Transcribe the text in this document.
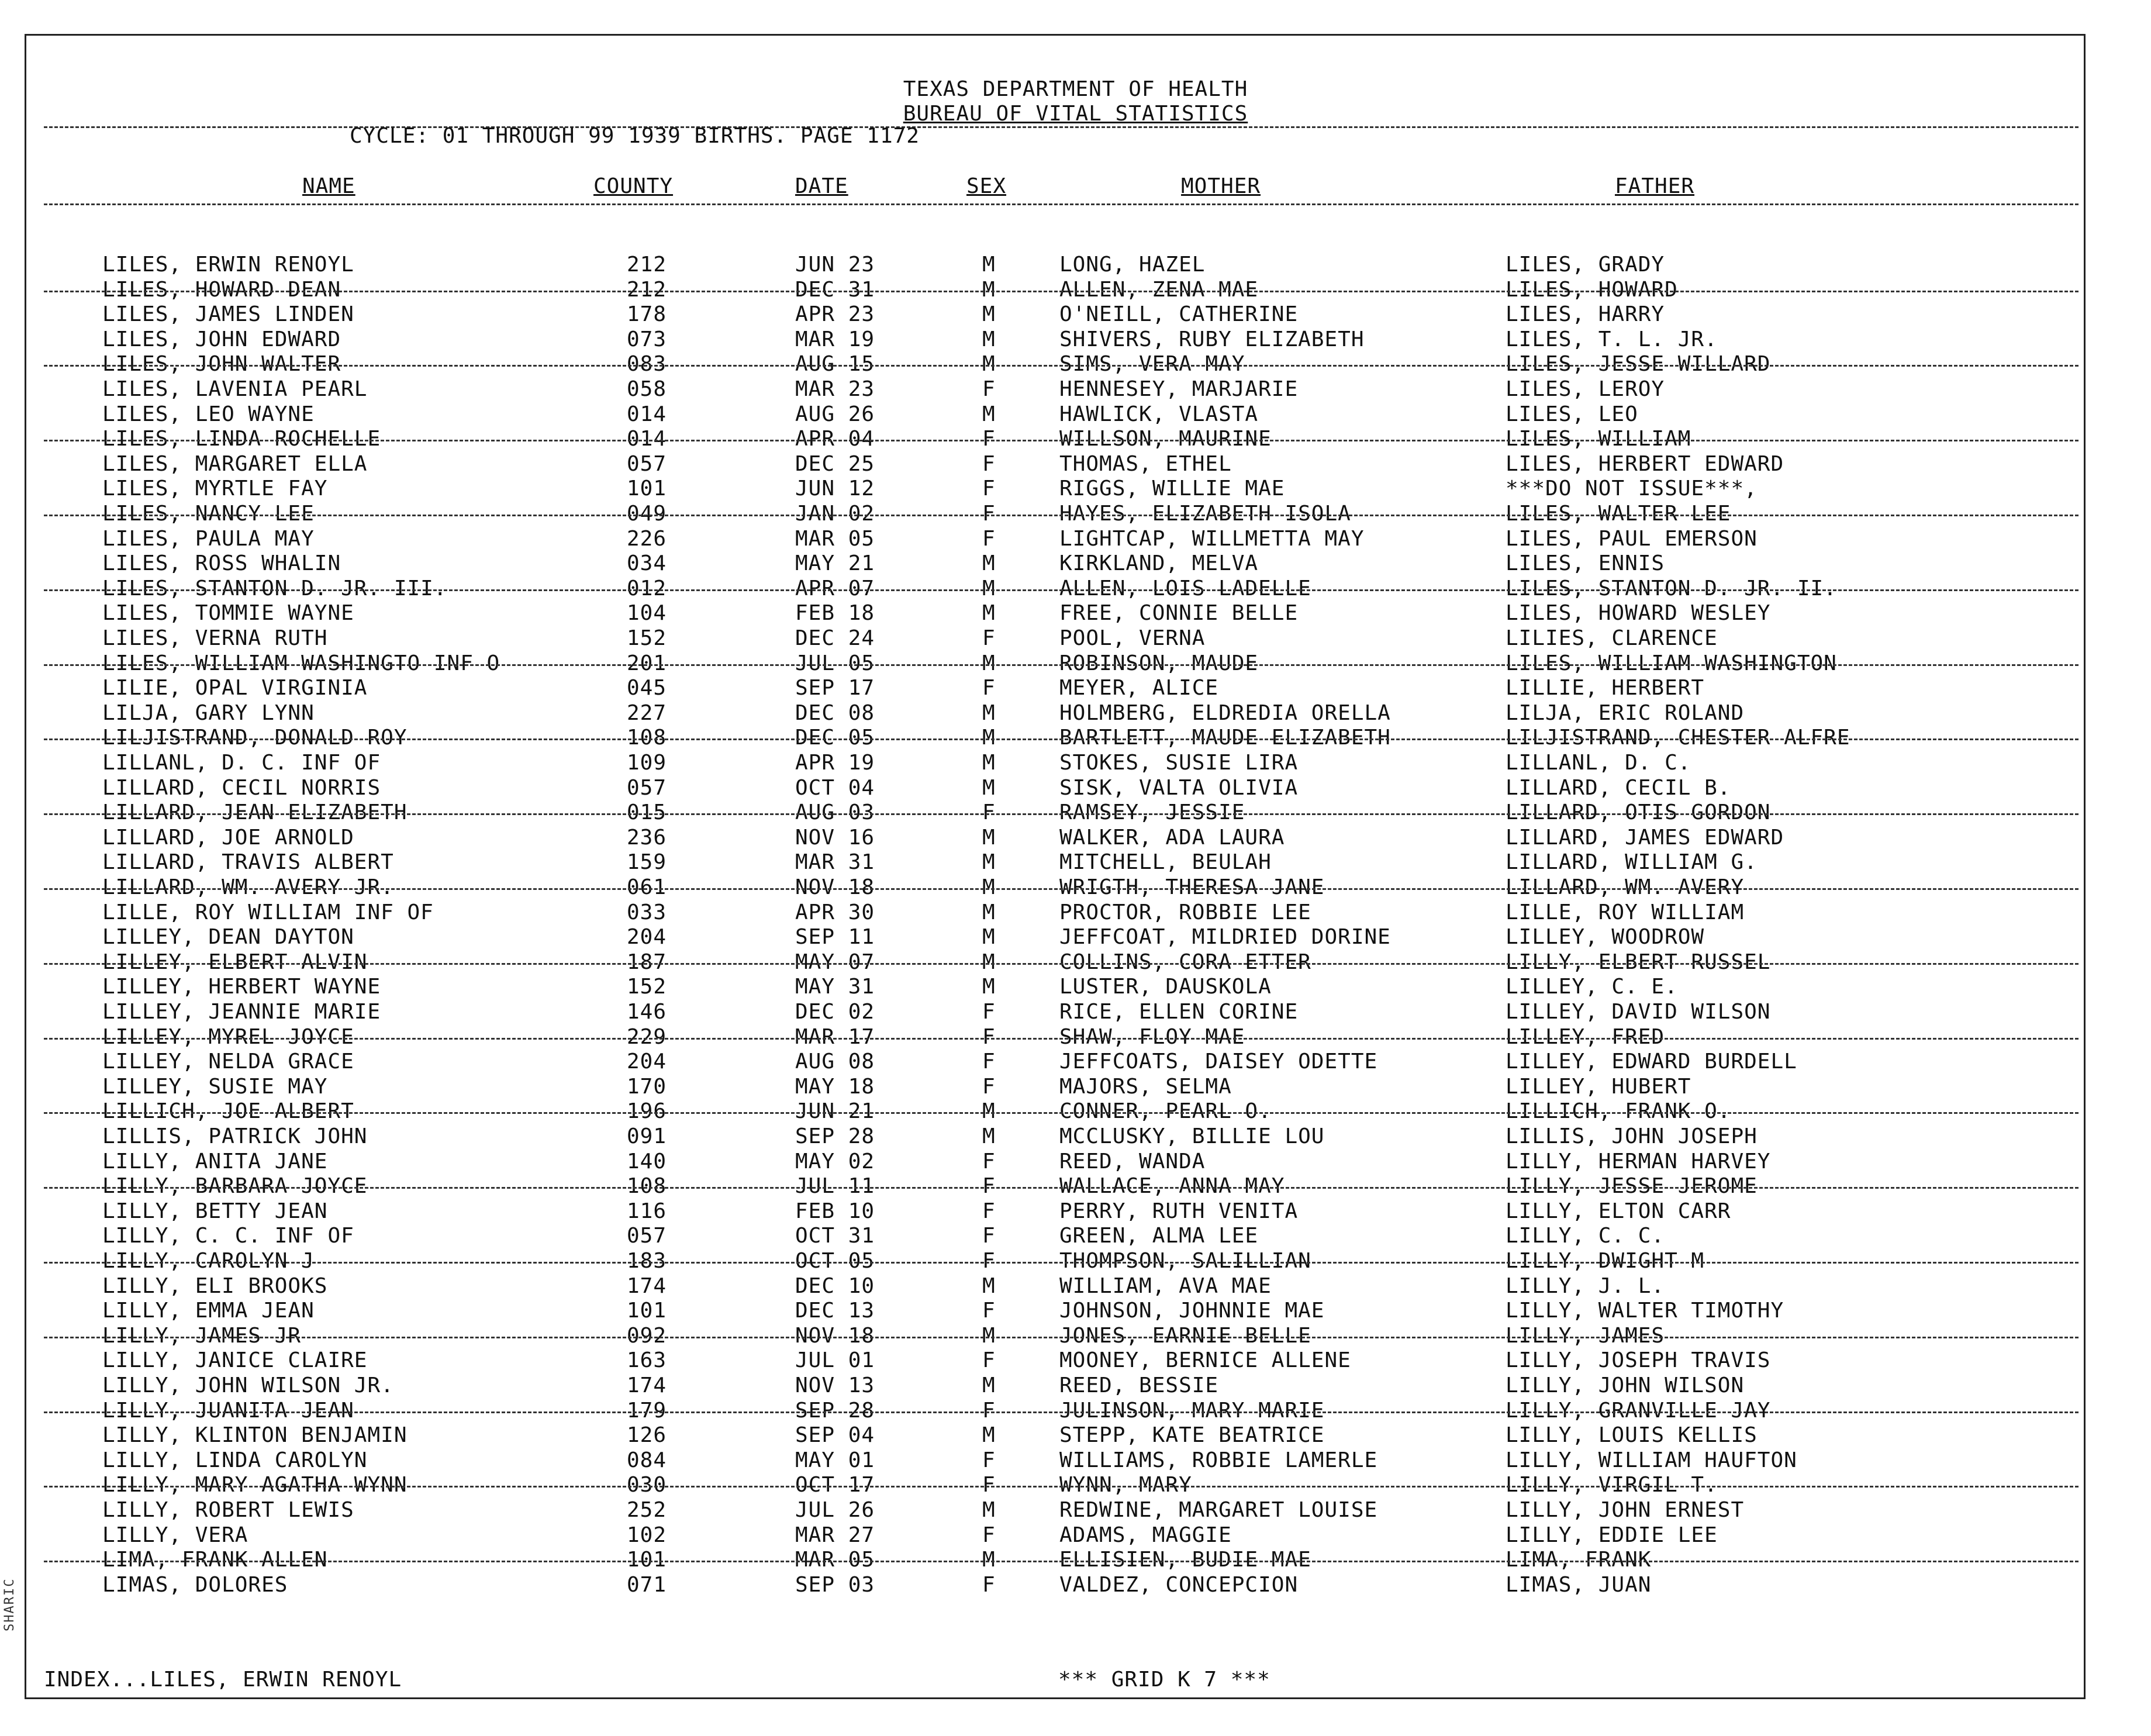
SHARIC
TEXAS DEPARTMENT OF HEALTH
BUREAU OF VITAL STATISTICS
CYCLE: 01 THROUGH 99 1939 BIRTHS. PAGE 1172
NAME	COUNTY	DATE	SEX	MOTHER	FATHER
LILES, ERWIN RENOYL	212	JUN 23	M	LONG, HAZEL	LILES, GRADY
LILES, HOWARD DEAN	212	DEC 31	M	ALLEN, ZENA MAE	LILES, HOWARD
LILES, JAMES LINDEN	178	APR 23	M	O'NEILL, CATHERINE	LILES, HARRY
LILES, JOHN EDWARD	073	MAR 19	M	SHIVERS, RUBY ELIZABETH	LILES, T. L. JR.
LILES, JOHN WALTER	083	AUG 15	M	SIMS, VERA MAY	LILES, JESSE WILLARD
LILES, LAVENIA PEARL	058	MAR 23	F	HENNESEY, MARJARIE	LILES, LEROY
LILES, LEO WAYNE	014	AUG 26	M	HAWLICK, VLASTA	LILES, LEO
LILES, LINDA ROCHELLE	014	APR 04	F	WILLSON, MAURINE	LILES, WILLIAM
LILES, MARGARET ELLA	057	DEC 25	F	THOMAS, ETHEL	LILES, HERBERT EDWARD
LILES, MYRTLE FAY	101	JUN 12	F	RIGGS, WILLIE MAE	***DO NOT ISSUE***,
LILES, NANCY LEE	049	JAN 02	F	HAYES, ELIZABETH ISOLA	LILES, WALTER LEE
LILES, PAULA MAY	226	MAR 05	F	LIGHTCAP, WILLMETTA MAY	LILES, PAUL EMERSON
LILES, ROSS WHALIN	034	MAY 21	M	KIRKLAND, MELVA	LILES, ENNIS
LILES, STANTON D. JR. III.	012	APR 07	M	ALLEN, LOIS LADELLE	LILES, STANTON D. JR. II.
LILES, TOMMIE WAYNE	104	FEB 18	M	FREE, CONNIE BELLE	LILES, HOWARD WESLEY
LILES, VERNA RUTH	152	DEC 24	F	POOL, VERNA	LILIES, CLARENCE
LILES, WILLIAM WASHINGTO INF O	201	JUL 05	M	ROBINSON, MAUDE	LILES, WILLIAM WASHINGTON
LILIE, OPAL VIRGINIA	045	SEP 17	F	MEYER, ALICE	LILLIE, HERBERT
LILJA, GARY LYNN	227	DEC 08	M	HOLMBERG, ELDREDIA ORELLA	LILJA, ERIC ROLAND
LILJISTRAND, DONALD ROY	108	DEC 05	M	BARTLETT, MAUDE ELIZABETH	LILJISTRAND, CHESTER ALFRE
LILLANL, D. C. INF OF	109	APR 19	M	STOKES, SUSIE LIRA	LILLANL, D. C.
LILLARD, CECIL NORRIS	057	OCT 04	M	SISK, VALTA OLIVIA	LILLARD, CECIL B.
LILLARD, JEAN ELIZABETH	015	AUG 03	F	RAMSEY, JESSIE	LILLARD, OTIS GORDON
LILLARD, JOE ARNOLD	236	NOV 16	M	WALKER, ADA LAURA	LILLARD, JAMES EDWARD
LILLARD, TRAVIS ALBERT	159	MAR 31	M	MITCHELL, BEULAH	LILLARD, WILLIAM G.
LILLARD, WM. AVERY JR.	061	NOV 18	M	WRIGTH, THERESA JANE	LILLARD, WM. AVERY
LILLE, ROY WILLIAM INF OF	033	APR 30	M	PROCTOR, ROBBIE LEE	LILLE, ROY WILLIAM
LILLEY, DEAN DAYTON	204	SEP 11	M	JEFFCOAT, MILDRIED DORINE	LILLEY, WOODROW
LILLEY, ELBERT ALVIN	187	MAY 07	M	COLLINS, CORA ETTER	LILLY, ELBERT RUSSEL
LILLEY, HERBERT WAYNE	152	MAY 31	M	LUSTER, DAUSKOLA	LILLEY, C. E.
LILLEY, JEANNIE MARIE	146	DEC 02	F	RICE, ELLEN CORINE	LILLEY, DAVID WILSON
LILLEY, MYREL JOYCE	229	MAR 17	F	SHAW, FLOY MAE	LILLEY, FRED
LILLEY, NELDA GRACE	204	AUG 08	F	JEFFCOATS, DAISEY ODETTE	LILLEY, EDWARD BURDELL
LILLEY, SUSIE MAY	170	MAY 18	F	MAJORS, SELMA	LILLEY, HUBERT
LILLICH, JOE ALBERT	196	JUN 21	M	CONNER, PEARL O.	LILLICH, FRANK O.
LILLIS, PATRICK JOHN	091	SEP 28	M	MCCLUSKY, BILLIE LOU	LILLIS, JOHN JOSEPH
LILLY, ANITA JANE	140	MAY 02	F	REED, WANDA	LILLY, HERMAN HARVEY
LILLY, BARBARA JOYCE	108	JUL 11	F	WALLACE, ANNA MAY	LILLY, JESSE JEROME
LILLY, BETTY JEAN	116	FEB 10	F	PERRY, RUTH VENITA	LILLY, ELTON CARR
LILLY, C. C. INF OF	057	OCT 31	F	GREEN, ALMA LEE	LILLY, C. C.
LILLY, CAROLYN J	183	OCT 05	F	THOMPSON, SALILLIAN	LILLY, DWIGHT M
LILLY, ELI BROOKS	174	DEC 10	M	WILLIAM, AVA MAE	LILLY, J. L.
LILLY, EMMA JEAN	101	DEC 13	F	JOHNSON, JOHNNIE MAE	LILLY, WALTER TIMOTHY
LILLY, JAMES JR	092	NOV 18	M	JONES, EARNIE BELLE	LILLY, JAMES
LILLY, JANICE CLAIRE	163	JUL 01	F	MOONEY, BERNICE ALLENE	LILLY, JOSEPH TRAVIS
LILLY, JOHN WILSON JR.	174	NOV 13	M	REED, BESSIE	LILLY, JOHN WILSON
LILLY, JUANITA JEAN	179	SEP 28	F	JULINSON, MARY MARIE	LILLY, GRANVILLE JAY
LILLY, KLINTON BENJAMIN	126	SEP 04	M	STEPP, KATE BEATRICE	LILLY, LOUIS KELLIS
LILLY, LINDA CAROLYN	084	MAY 01	F	WILLIAMS, ROBBIE LAMERLE	LILLY, WILLIAM HAUFTON
LILLY, MARY AGATHA WYNN	030	OCT 17	F	WYNN, MARY	LILLY, VIRGIL T.
LILLY, ROBERT LEWIS	252	JUL 26	M	REDWINE, MARGARET LOUISE	LILLY, JOHN ERNEST
LILLY, VERA	102	MAR 27	F	ADAMS, MAGGIE	LILLY, EDDIE LEE
LIMA, FRANK ALLEN	101	MAR 05	M	ELLISIEN, BUDIE MAE	LIMA, FRANK
LIMAS, DOLORES	071	SEP 03	F	VALDEZ, CONCEPCION	LIMAS, JUAN
INDEX...LILES, ERWIN RENOYL	*** GRID K 7 ***
